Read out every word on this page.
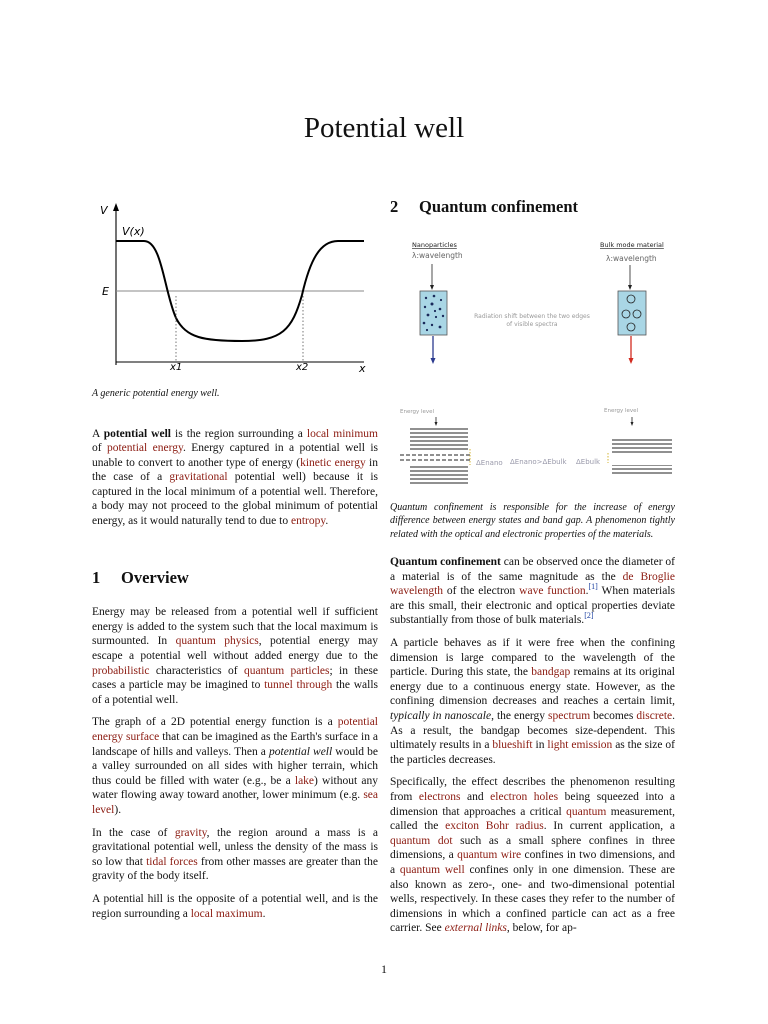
Potential well
V
V(x)
E
x1	x2	x

A generic potential energy well.

A potential well is the region surrounding a local minimum of potential energy. Energy captured in a potential well is unable to convert to another type of energy (kinetic energy in the case of a gravitational potential well) because it is captured in the local minimum of a potential well. Therefore, a body may not proceed to the global minimum of potential energy, as it would naturally tend to due to entropy.

1 Overview

Energy may be released from a potential well if sufficient energy is added to the system such that the local maximum is surmounted. In quantum physics, potential energy may escape a potential well without added energy due to the probabilistic characteristics of quantum particles; in these cases a particle may be imagined to tunnel through the walls of a potential well.

The graph of a 2D potential energy function is a potential energy surface that can be imagined as the Earth's surface in a landscape of hills and valleys. Then a potential well would be a valley surrounded on all sides with higher terrain, which thus could be filled with water (e.g., be a lake) without any water flowing away toward another, lower minimum (e.g. sea level).

In the case of gravity, the region around a mass is a gravitational potential well, unless the density of the mass is so low that tidal forces from other masses are greater than the gravity of the body itself.

A potential hill is the opposite of a potential well, and is the region surrounding a local maximum.

2 Quantum confinement
Nanoparticles
λ:wavelength
Bulk mode material
λ:wavelength
Radiation shift between the two edges
of visible spectra
Energy level	Energy level
ΔEnano ΔEnano>ΔEbulk ΔEbulk

Quantum confinement is responsible for the increase of energy difference between energy states and band gap. A phenomenon tightly related with the optical and electronic properties of the materials.

Quantum confinement can be observed once the diameter of a material is of the same magnitude as the de Broglie wavelength of the electron wave function.[1] When materials are this small, their electronic and optical properties deviate substantially from those of bulk materials.[2]

A particle behaves as if it were free when the confining dimension is large compared to the wavelength of the particle. During this state, the bandgap remains at its original energy due to a continuous energy state. However, as the confining dimension decreases and reaches a certain limit, typically in nanoscale, the energy spectrum becomes discrete. As a result, the bandgap becomes size-dependent. This ultimately results in a blueshift in light emission as the size of the particles decreases.

Specifically, the effect describes the phenomenon resulting from electrons and electron holes being squeezed into a dimension that approaches a critical quantum measurement, called the exciton Bohr radius. In current application, a quantum dot such as a small sphere confines in three dimensions, a quantum wire confines in two dimensions, and a quantum well confines only in one dimension. These are also known as zero-, one- and two-dimensional potential wells, respectively. In these cases they refer to the number of dimensions in which a confined particle can act as a free carrier. See external links, below, for ap-

1
